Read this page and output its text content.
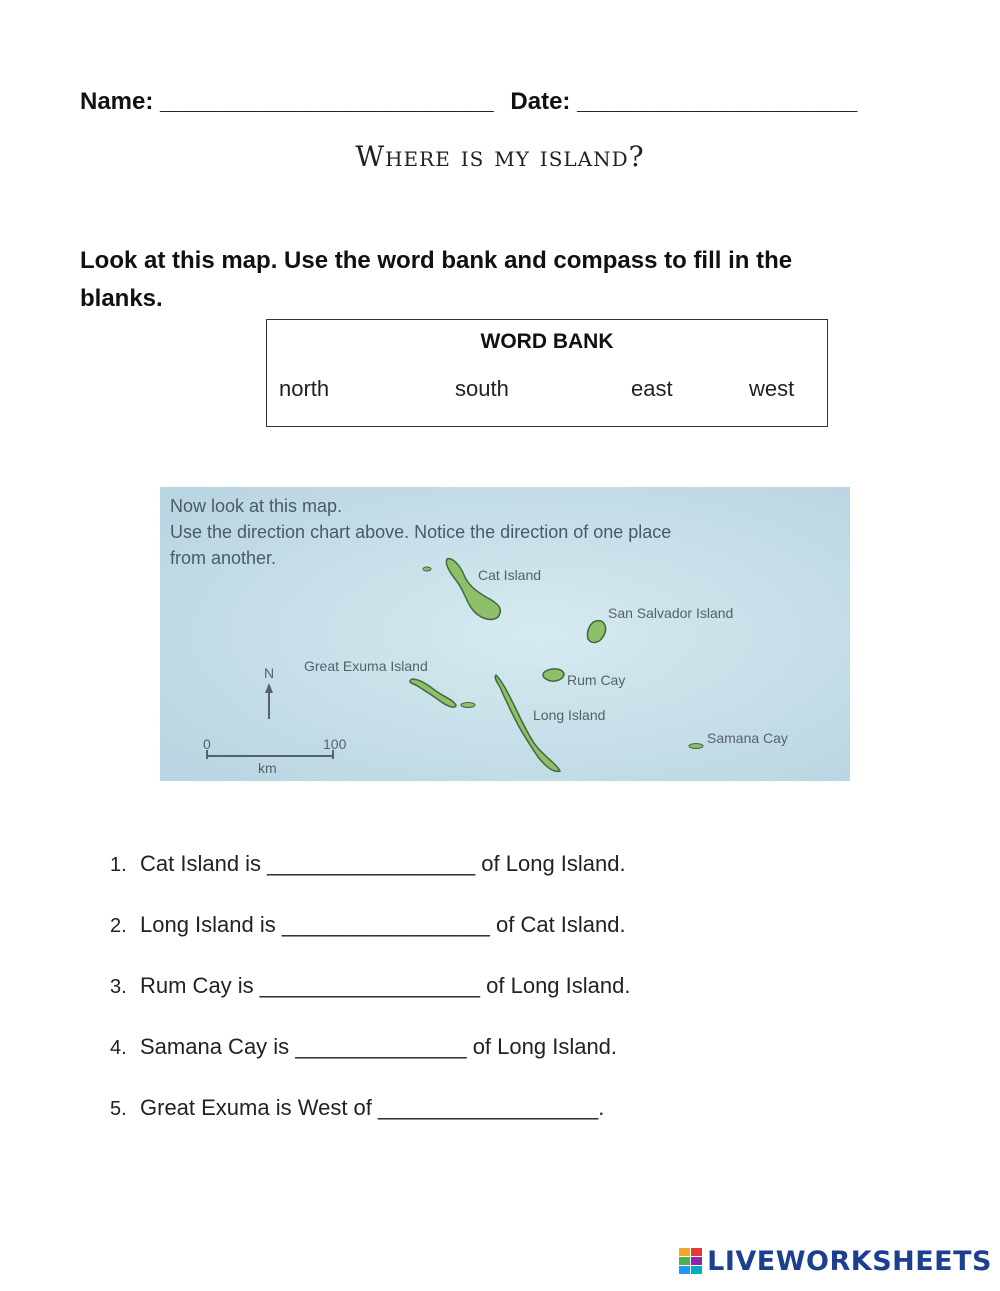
Name: _________________________ Date: _____________________
Where is my island?
Look at this map. Use the word bank and compass to fill in the blanks.
WORD BANK
north	south	east	west
Now look at this map.
Use the direction chart above. Notice the direction of one place
from another.
Cat Island
San Salvador Island
Great Exuma Island
Rum Cay
Long Island
Samana Cay
N
0	100
km
1. Cat Island is _________________ of Long Island.
2. Long Island is _________________ of Cat Island.
3. Rum Cay is __________________ of Long Island.
4. Samana Cay is ______________ of Long Island.
5. Great Exuma is West of __________________.
LIVEWORKSHEETS
